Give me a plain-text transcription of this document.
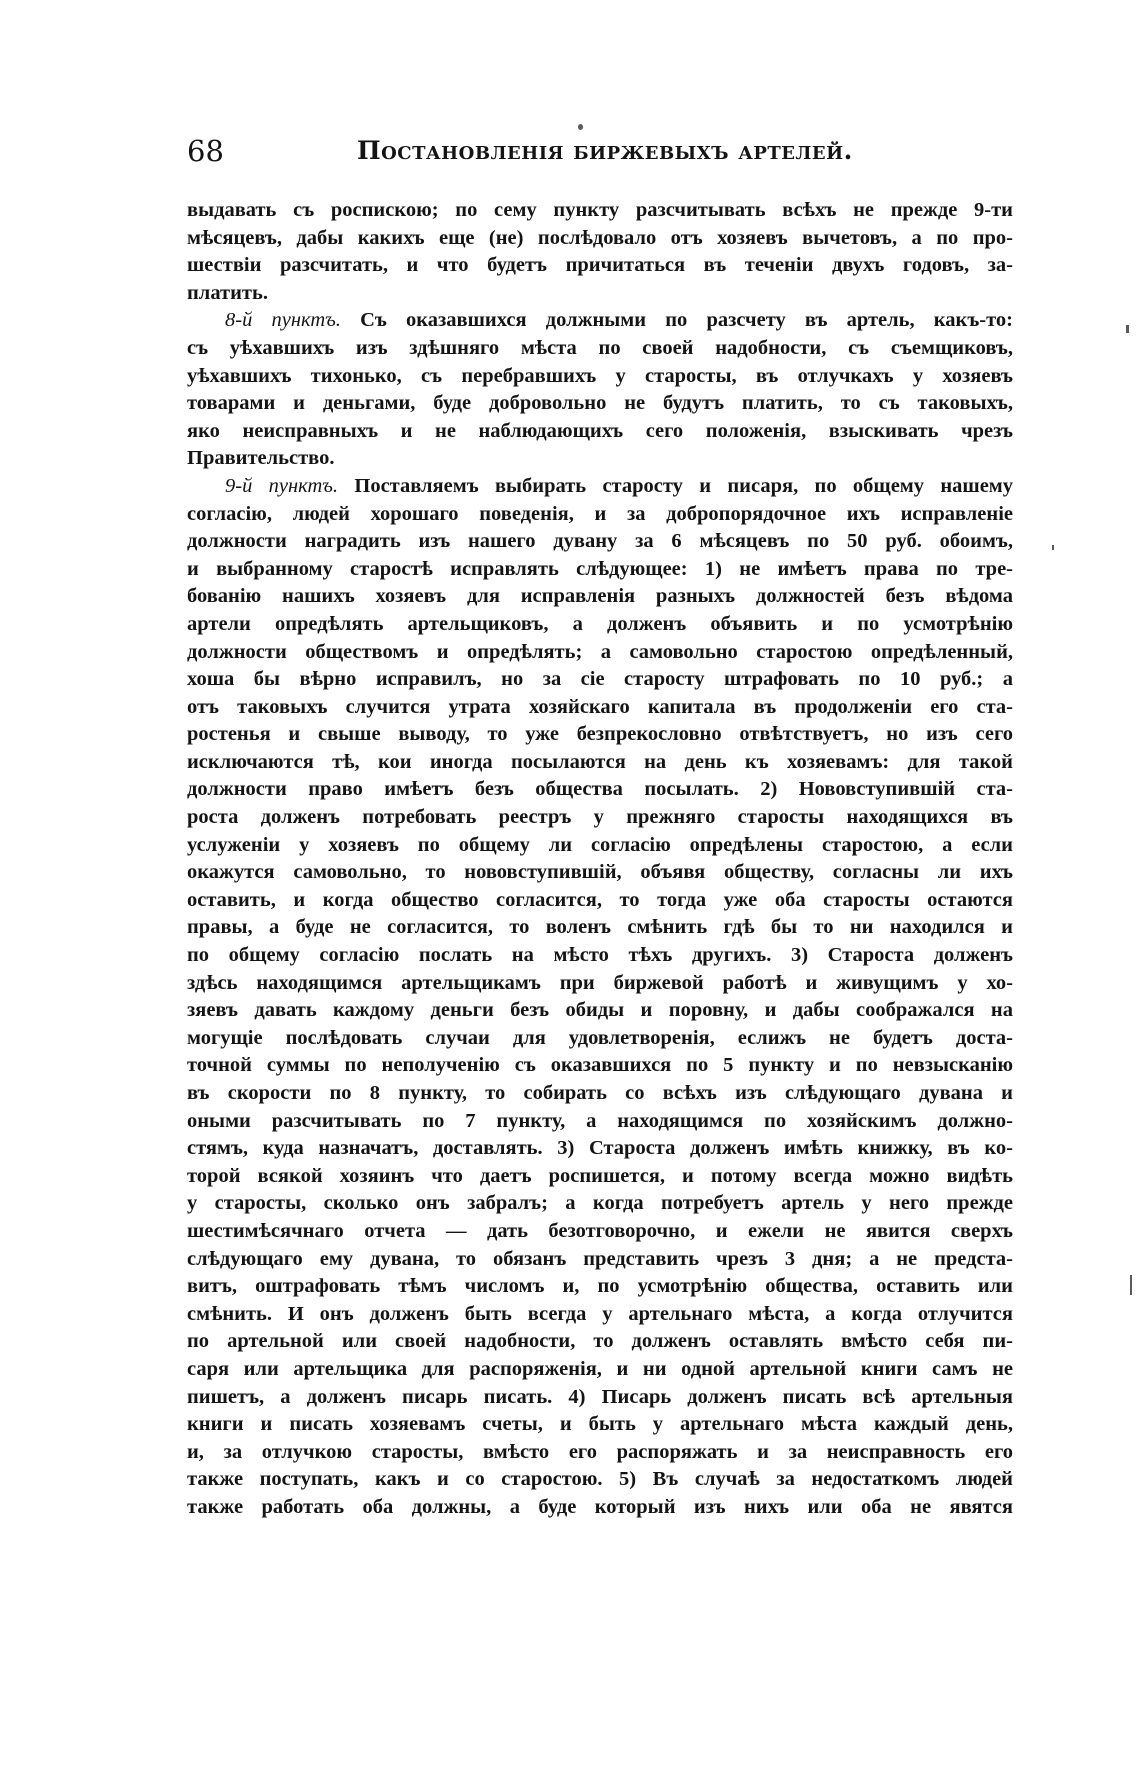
68	Постановленія биржевыхъ артелей.
выдавать съ роспискою; по сему пункту разсчитывать всѣхъ не прежде 9-ти
мѣсяцевъ, дабы какихъ еще (не) послѣдовало отъ хозяевъ вычетовъ, а по про-
шествіи разсчитать, и что будетъ причитаться въ теченіи двухъ годовъ, за-
платить.
8-й пунктъ. Съ оказавшихся должными по разсчету въ артель, какъ-то:
съ уѣхавшихъ изъ здѣшняго мѣста по своей надобности, съ съемщиковъ,
уѣхавшихъ тихонько, съ перебравшихъ у старосты, въ отлучкахъ у хозяевъ
товарами и деньгами, буде добровольно не будутъ платить, то съ таковыхъ,
яко неисправныхъ и не наблюдающихъ сего положенія, взыскивать чрезъ
Правительство.
9-й пунктъ. Поставляемъ выбирать старосту и писаря, по общему нашему
согласію, людей хорошаго поведенія, и за добропорядочное ихъ исправленіе
должности наградить изъ нашего дувану за 6 мѣсяцевъ по 50 руб. обоимъ,
и выбранному старостѣ исправлять слѣдующее: 1) не имѣетъ права по тре-
бованію нашихъ хозяевъ для исправленія разныхъ должностей безъ вѣдома
артели опредѣлять артельщиковъ, а долженъ объявить и по усмотрѣнію
должности обществомъ и опредѣлять; а самовольно старостою опредѣленный,
хоша бы вѣрно исправилъ, но за сіе старосту штрафовать по 10 руб.; а
отъ таковыхъ случится утрата хозяйскаго капитала въ продолженіи его ста-
ростенья и свыше выводу, то уже безпрекословно отвѣтствуетъ, но изъ сего
исключаются тѣ, кои иногда посылаются на день къ хозяевамъ: для такой
должности право имѣетъ безъ общества посылать. 2) Нововступившій ста-
роста долженъ потребовать реестръ у прежняго старосты находящихся въ
услуженіи у хозяевъ по общему ли согласію опредѣлены старостою, а если
окажутся самовольно, то нововступившій, объявя обществу, согласны ли ихъ
оставить, и когда общество согласится, то тогда уже оба старосты остаются
правы, а буде не согласится, то воленъ смѣнить гдѣ бы то ни находился и
по общему согласію послать на мѣсто тѣхъ другихъ. 3) Староста долженъ
здѣсь находящимся артельщикамъ при биржевой работѣ и живущимъ у хо-
зяевъ давать каждому деньги безъ обиды и поровну, и дабы соображался на
могущіе послѣдовать случаи для удовлетворенія, еслижъ не будетъ доста-
точной суммы по неполученію съ оказавшихся по 5 пункту и по невзысканію
въ скорости по 8 пункту, то собирать со всѣхъ изъ слѣдующаго дувана и
оными разсчитывать по 7 пункту, а находящимся по хозяйскимъ должно-
стямъ, куда назначатъ, доставлять. 3) Староста долженъ имѣть книжку, въ ко-
торой всякой хозяинъ что даетъ роспишется, и потому всегда можно видѣть
у старосты, сколько онъ забралъ; а когда потребуетъ артель у него прежде
шестимѣсячнаго отчета — дать безотговорочно, и ежели не явится сверхъ
слѣдующаго ему дувана, то обязанъ представить чрезъ 3 дня; а не предста-
витъ, оштрафовать тѣмъ числомъ и, по усмотрѣнію общества, оставить или
смѣнить. И онъ долженъ быть всегда у артельнаго мѣста, а когда отлучится
по артельной или своей надобности, то долженъ оставлять вмѣсто себя пи-
саря или артельщика для распоряженія, и ни одной артельной книги самъ не
пишетъ, а долженъ писарь писать. 4) Писарь долженъ писать всѣ артельныя
книги и писать хозяевамъ счеты, и быть у артельнаго мѣста каждый день,
и, за отлучкою старосты, вмѣсто его распоряжать и за неисправность его
также поступать, какъ и со старостою. 5) Въ случаѣ за недостаткомъ людей
также работать оба должны, а буде который изъ нихъ или оба не явятся
